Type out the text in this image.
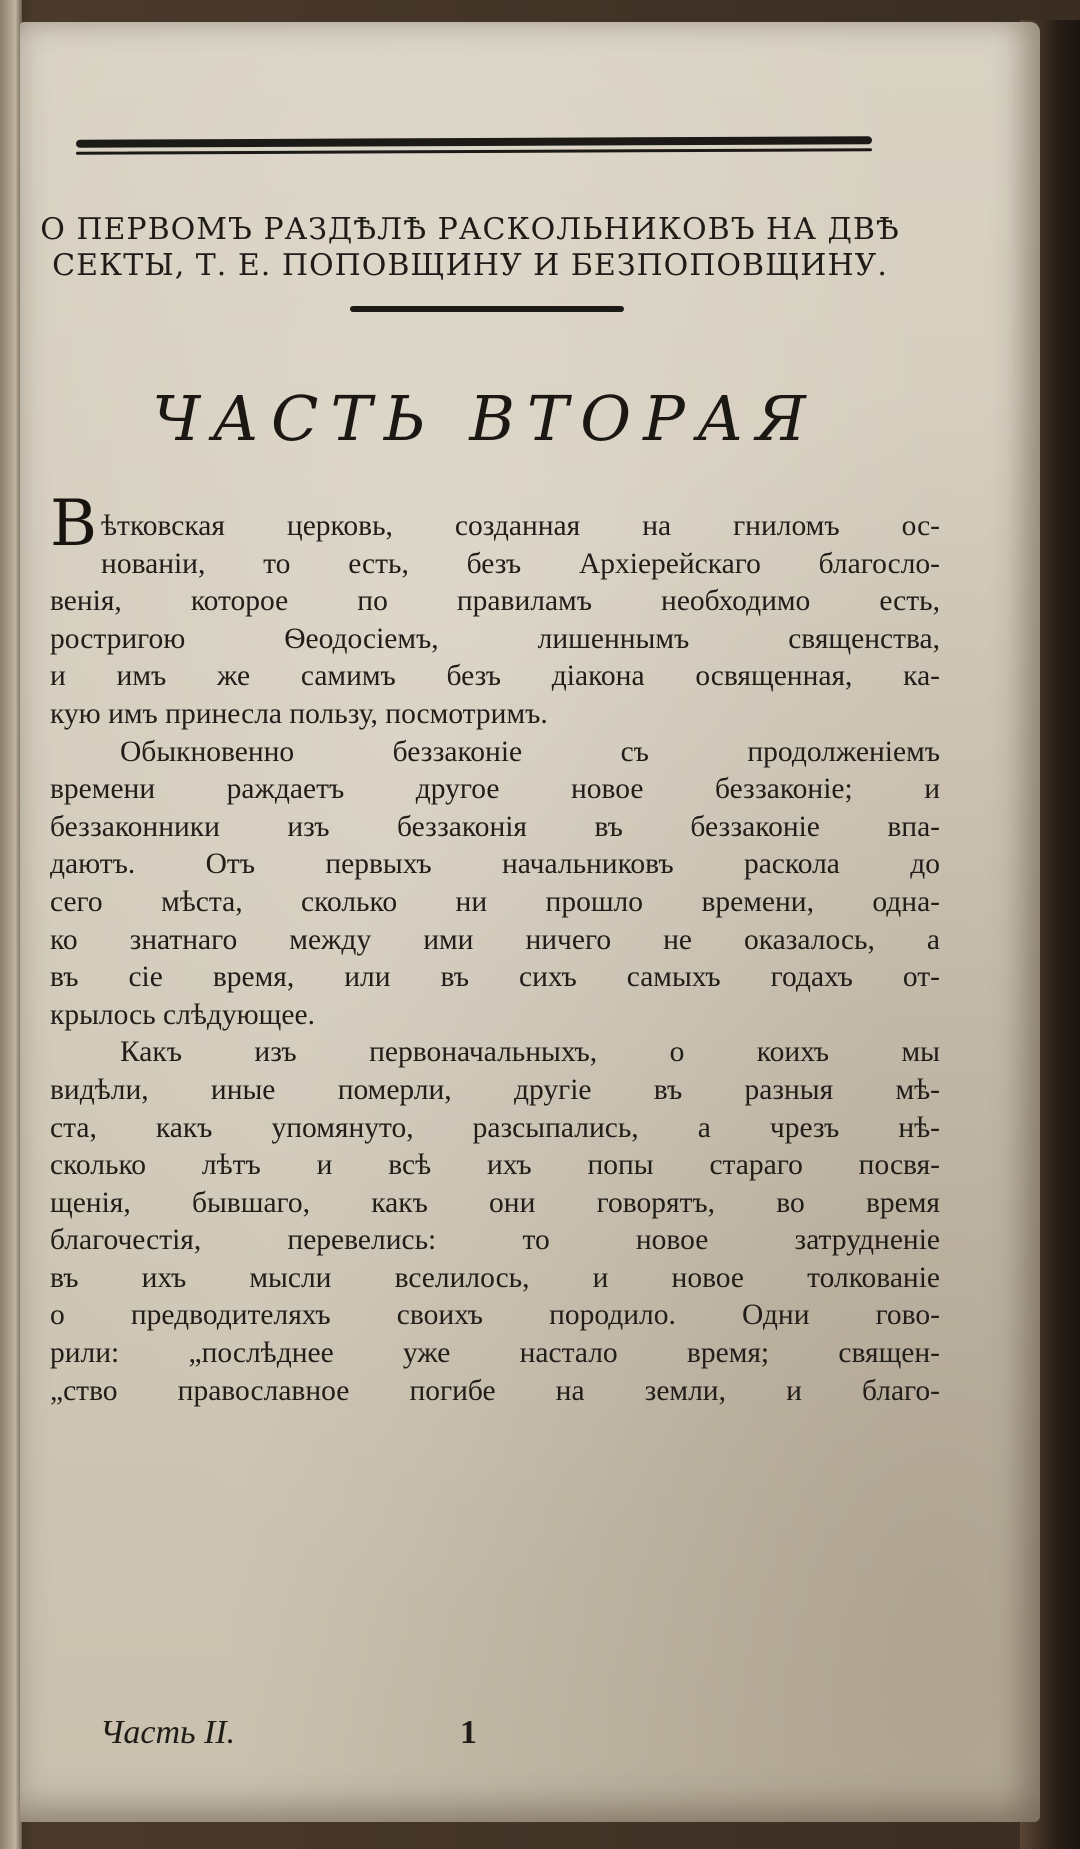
О ПЕРВОМЪ РАЗДѢЛѢ РАСКОЛЬНИКОВЪ НА ДВѢ
СЕКТЫ, Т. Е. ПОПОВЩИНУ И БЕЗПОПОВЩИНУ.
ЧАСТЬ ВТОРАЯ
В ѣтковская церковь, созданная на гниломъ ос-
нованіи, то есть, безъ Архіерейскаго благосло-
венія, которое по правиламъ необходимо есть,
ростригою Ѳеодосіемъ, лишеннымъ священства,
и имъ же самимъ безъ діакона освященная, ка-
кую имъ принесла пользу, посмотримъ.
Обыкновенно беззаконіе съ продолженіемъ
времени раждаетъ другое новое беззаконіе; и
беззаконники изъ беззаконія въ беззаконіе впа-
даютъ. Отъ первыхъ начальниковъ раскола до
сего мѣста, сколько ни прошло времени, одна-
ко знатнаго между ими ничего не оказалось, а
въ сіе время, или въ сихъ самыхъ годахъ от-
крылось слѣдующее.
Какъ изъ первоначальныхъ, о коихъ мы
видѣли, иные померли, другіе въ разныя мѣ-
ста, какъ упомянуто, разсыпались, а чрезъ нѣ-
сколько лѣтъ и всѣ ихъ попы стараго посвя-
щенія, бывшаго, какъ они говорятъ, во время
благочестія, перевелись: то новое затрудненіе
въ ихъ мысли вселилось, и новое толкованіе
о предводителяхъ своихъ породило. Одни гово-
рили: „послѣднее уже настало время; священ-
„ство православное погибе на земли, и благо-
Часть II.	1
